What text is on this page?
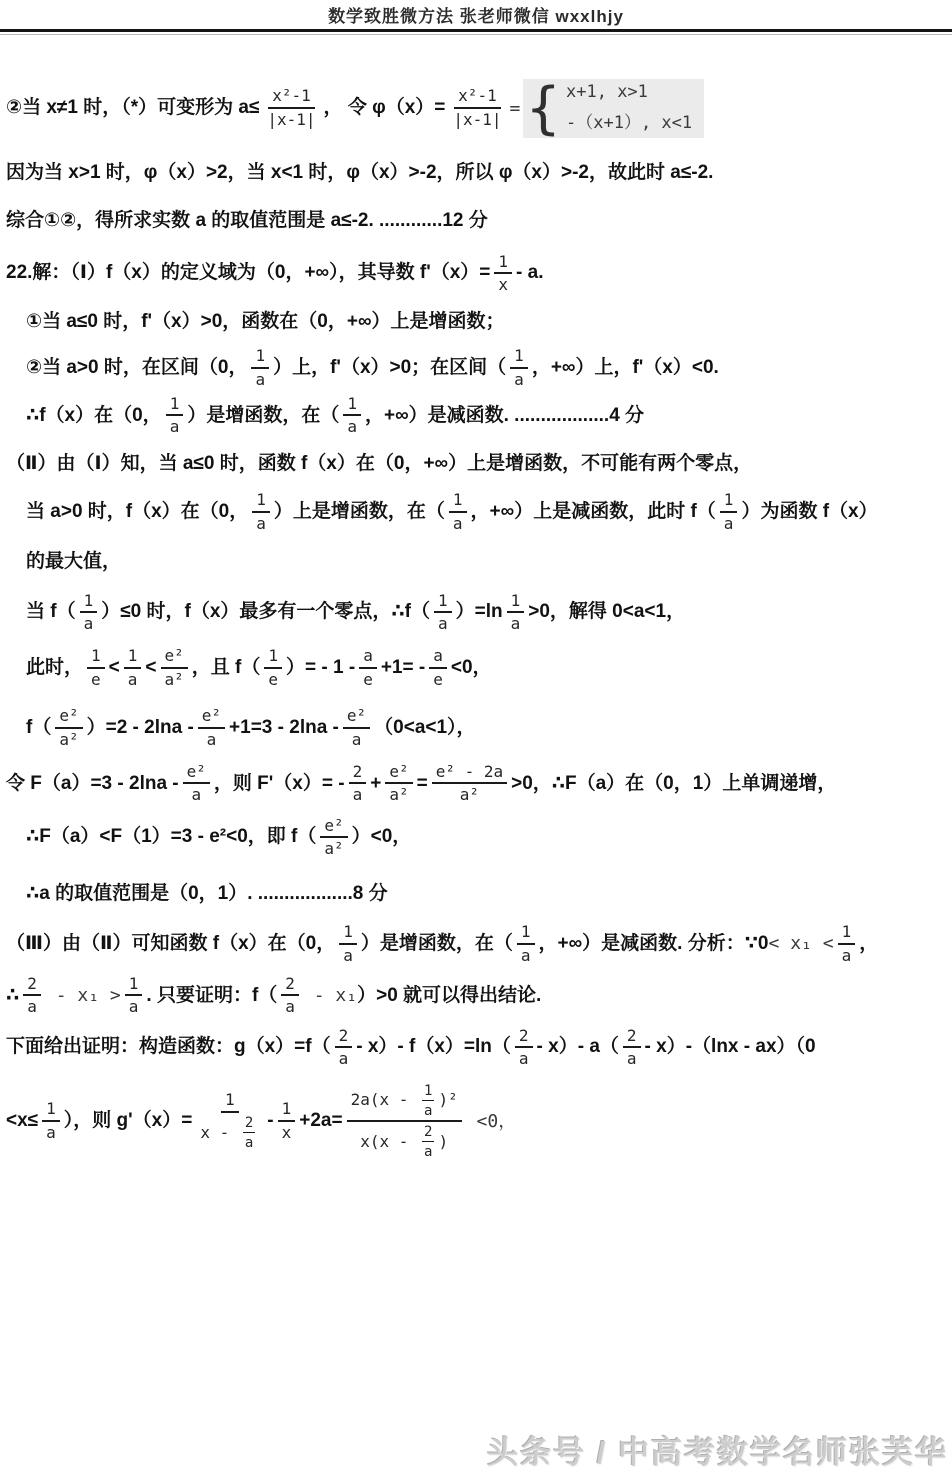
数学致胜微方法 张老师微信 wxxlhjy
②当 x≠1 时，（*）可变形为 $a\le \frac{\text{x²-1}}{|x-1|}$ ， 令 $\varphi(x)= \frac{\text{x²-1}}{|x-1|}$ = { x+1, x>1
-（x+1）, x<1
因为当 x>1 时，φ（x）>2，当 x<1 时，φ（x）>-2，所以 φ（x）>-2，故此时 a≤-2.
综合①②，得所求实数 a 的取值范围是 a≤-2. ............12 分
22.解：（Ⅰ）f（x）的定义域为（0，+∞），其导数 $f'(x)= \frac{1}{x} - a$.
①当 a≤0 时，f'（x）>0，函数在（0，+∞）上是增函数；
②当 a>0 时，在区间（0， $\frac{1}{a}$ ）上，f'（x）>0；在区间（ $\frac{1}{a}$ ，+∞）上，f'（x）<0.
∴f（x）在（0， $\frac{1}{a}$ ）是增函数，在（ $\frac{1}{a}$ ，+∞）是减函数. ..................4 分
（Ⅱ）由（Ⅰ）知，当 a≤0 时，函数 f（x）在（0，+∞）上是增函数，不可能有两个零点，
当 a>0 时，f（x）在（0， $\frac{1}{a}$ ）上是增函数，在（ $\frac{1}{a}$ ，+∞）上是减函数，此时 $f( \frac{1}{a}$ ）为函数 f（x）
的最大值，
当 $f( \frac{1}{a} )\le 0$ 时，f（x）最多有一个零点，∴f（ $\frac{1}{a} )=\ln \frac{1}{a} >0$，解得 0<a<1，
此时， $\frac{1}{e} < \frac{1}{a} < \frac{\text{e²}}{\text{a²}}$ ，且 $f( \frac{1}{e}$ ）= - $1 - \frac{a}{e} +1= - \frac{a}{e} <0$，
$f( \frac{\text{e²}}{\text{a²}} )=2 - 2\ln a - \frac{\text{e²}}{a} +1=3 - 2\ln a - \frac{\text{e²}}{a} (0<a<1)$，
令 $F(a)=3 - 2\ln a - \frac{\text{e²}}{a}$ ，则 $F'(x)= - \frac{2}{a} + \frac{\text{e²}}{\text{a²}} = \frac{\text{e² - 2a}}{\text{a²}} >0$，∴F（a）在（0，1）上单调递增，
∴F（a）<F（1）=3 - e²<0，即 $f( \frac{\text{e²}}{\text{a²}} )<0$，
∴a 的取值范围是（0，1）. ..................8 分
（Ⅲ）由（Ⅱ）可知函数 f（x）在（0， $\frac{1}{a}$ ）是增函数，在（ $\frac{1}{a}$ ，+∞）是减函数. 分析：∵0 < $x_1 < \frac{1}{a}$ ，
∴ $\frac{2}{a} - x_1 > \frac{1}{a}$ . 只要证明：$f( \frac{2}{a} - x_1$ ）>0 就可以得出结论.
下面给出证明：构造函数：$g(x)=f( \frac{2}{a} - x)-$ $f(x)=\ln( \frac{2}{a} - x)-$ $a( \frac{2}{a} - x)-(\ln x - ax)(0$
$<x\le \frac{1}{a}$ ），则 $g'(x)= \frac{1}{x - \frac{2}{a}} - \frac{1}{x} +2a= \frac{2a(x - \frac{1}{a} )^2}{x(x - \frac{2}{a} )} <0$，
头条号 / 中高考数学名师张芙华
